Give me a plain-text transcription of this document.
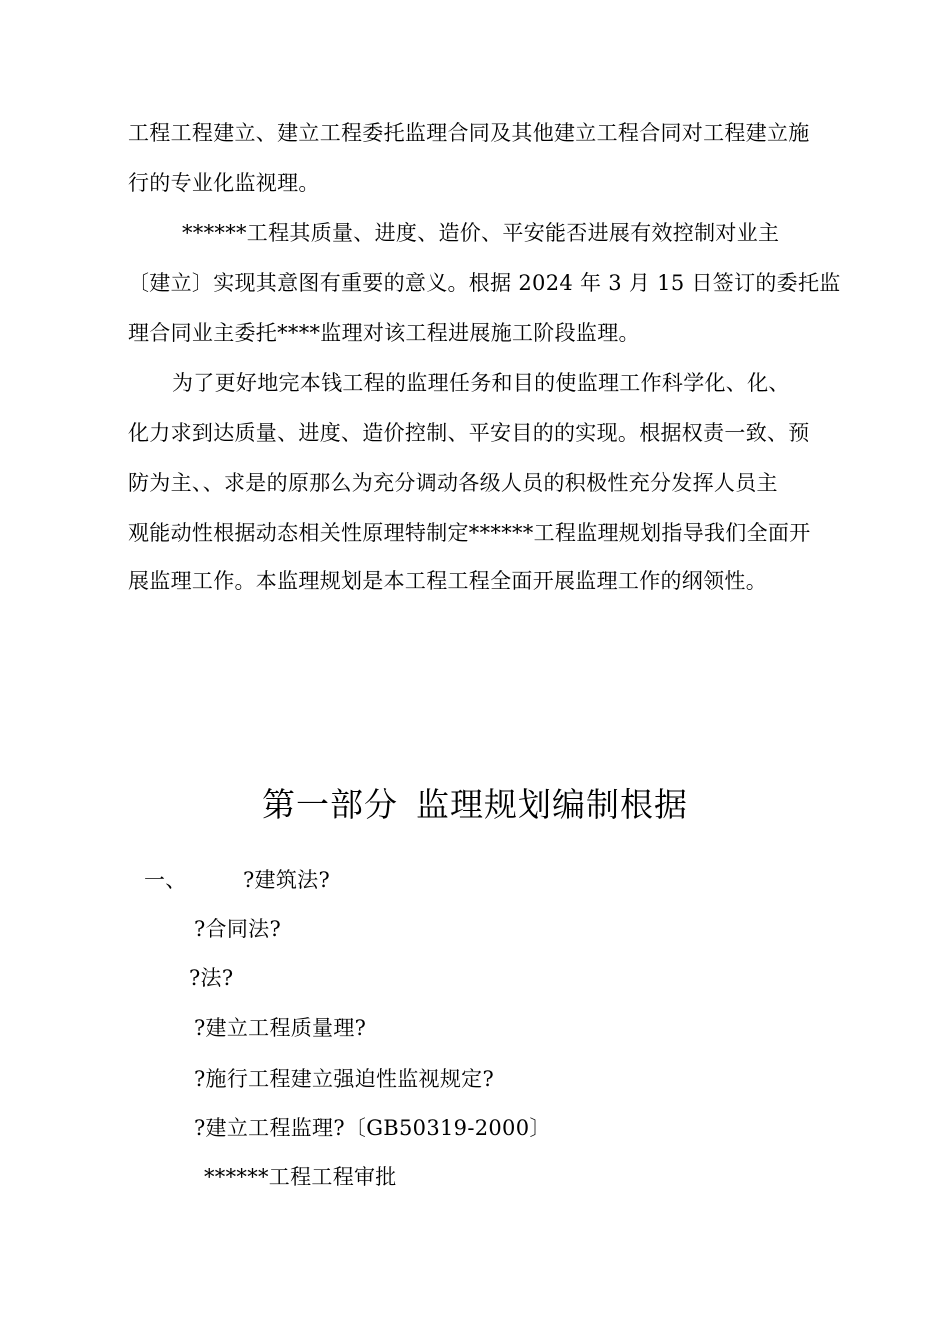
工程工程建立、建立工程委托监理合同及其他建立工程合同对工程建立施
行的专业化监视理。
******工程其质量、进度、造价、平安能否进展有效控制对业主
〔建立〕实现其意图有重要的意义。根据 2024 年 3 月 15 日签订的委托监
理合同业主委托****监理对该工程进展施工阶段监理。
为了更好地完本钱工程的监理任务和目的使监理工作科学化、化、
化力求到达质量、进度、造价控制、平安目的的实现。根据权责一致、预
防为主、、求是的原那么为充分调动各级人员的积极性充分发挥人员主
观能动性根据动态相关性原理特制定******工程监理规划指导我们全面开
展监理工作。本监理规划是本工程工程全面开展监理工作的纲领性。
第一部分 监理规划编制根据
一、	?建筑法?
?合同法?
?法?
?建立工程质量理?
?施行工程建立强迫性监视规定?
?建立工程监理?〔GB50319-2000〕
******工程工程审批
